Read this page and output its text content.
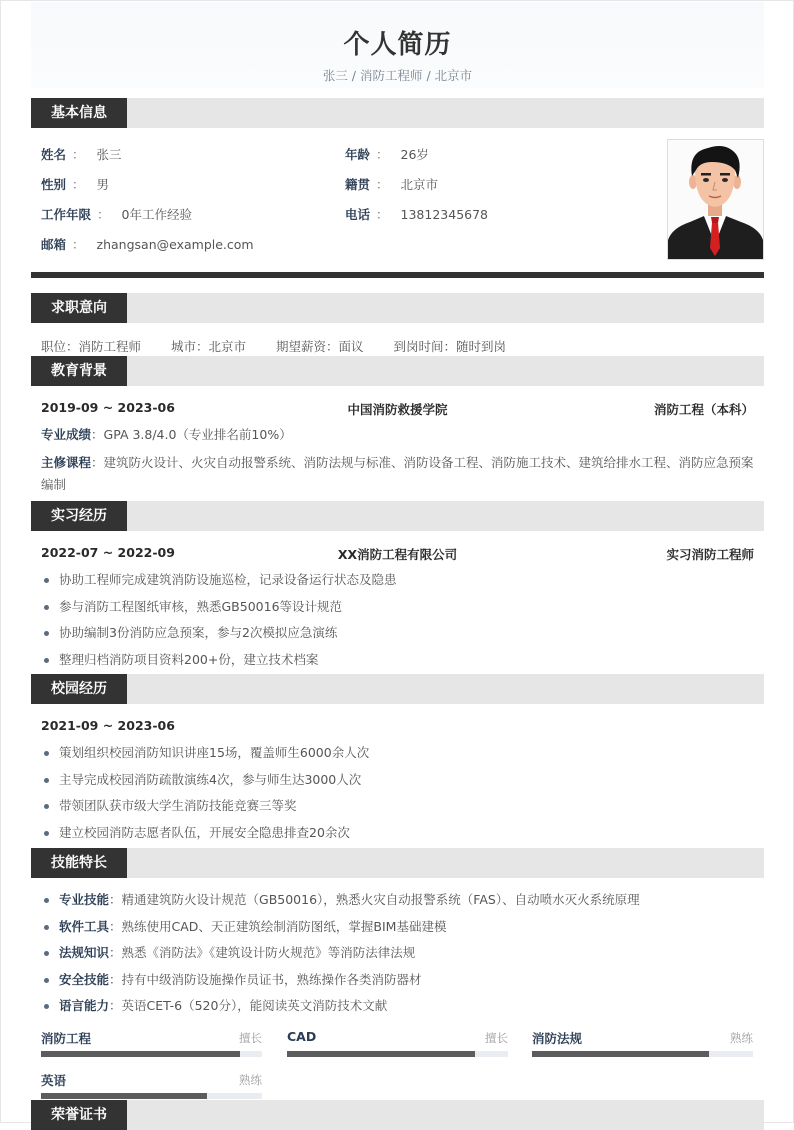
个人简历
张三 / 消防工程师 / 北京市
基本信息
姓名 ： 张三	年龄 ： 26岁
性别 ： 男	籍贯 ： 北京市
工作年限 ： 0年工作经验	电话 ： 13812345678
邮箱 ： zhangsan@example.com
求职意向
职位：消防工程师 城市：北京市 期望薪资：面议 到岗时间：随时到岗
教育背景
2019-09 ~ 2023-06	中国消防救援学院	消防工程（本科）
专业成绩：GPA 3.8/4.0（专业排名前10%）
主修课程：建筑防火设计、火灾自动报警系统、消防法规与标准、消防设备工程、消防施工技术、建筑给排水工程、消防应急预案编制
实习经历
2022-07 ~ 2022-09	XX消防工程有限公司	实习消防工程师
协助工程师完成建筑消防设施巡检，记录设备运行状态及隐患
参与消防工程图纸审核，熟悉GB50016等设计规范
协助编制3份消防应急预案，参与2次模拟应急演练
整理归档消防项目资料200+份，建立技术档案
校园经历
2021-09 ~ 2023-06
策划组织校园消防知识讲座15场，覆盖师生6000余人次
主导完成校园消防疏散演练4次，参与师生达3000人次
带领团队获市级大学生消防技能竞赛三等奖
建立校园消防志愿者队伍，开展安全隐患排查20余次
技能特长
专业技能：精通建筑防火设计规范（GB50016），熟悉火灾自动报警系统（FAS）、自动喷水灭火系统原理
软件工具：熟练使用CAD、天正建筑绘制消防图纸，掌握BIM基础建模
法规知识：熟悉《消防法》《建筑设计防火规范》等消防法律法规
安全技能：持有中级消防设施操作员证书，熟练操作各类消防器材
语言能力：英语CET-6（520分），能阅读英文消防技术文献
消防工程	擅长 CAD	擅长 消防法规	熟练
英语	熟练
荣誉证书
